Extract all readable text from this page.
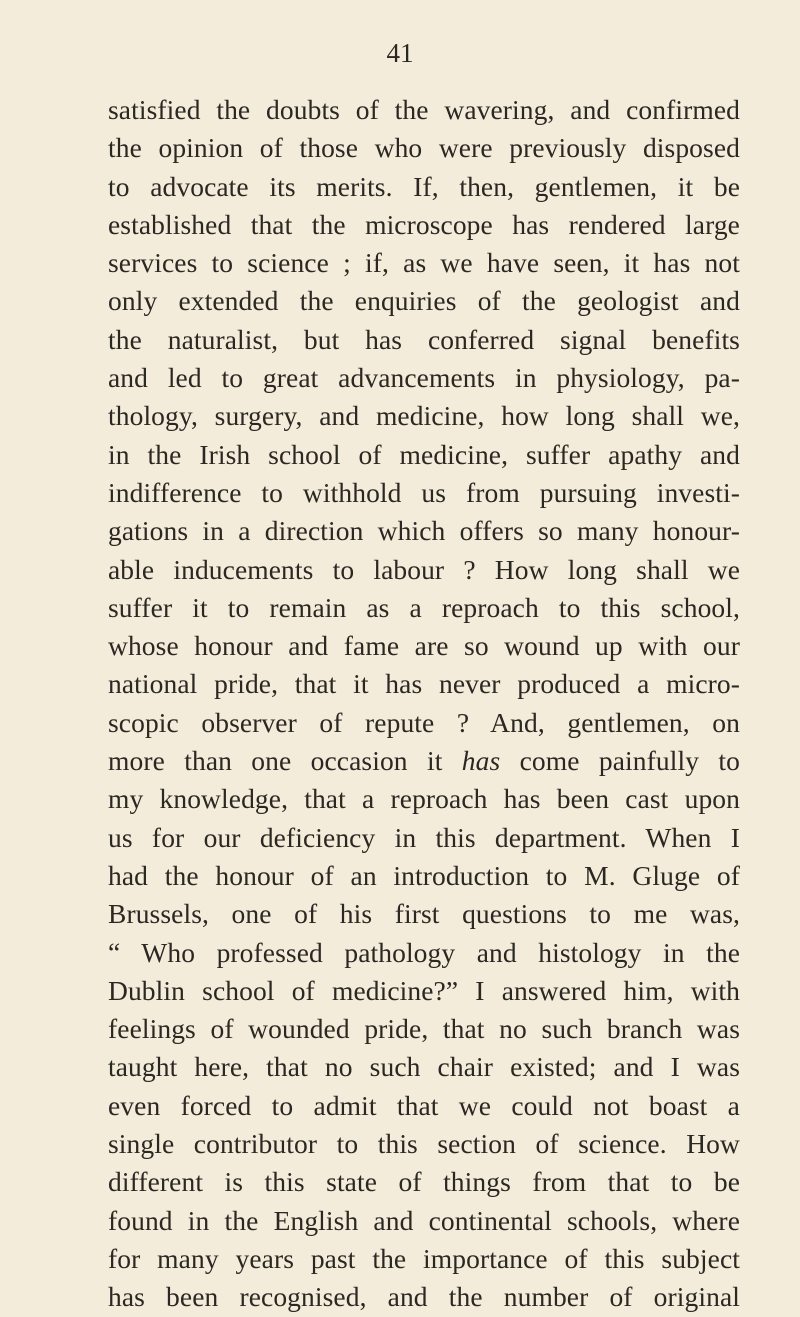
41
satisfied the doubts of the wavering, and confirmed
the opinion of those who were previously disposed
to advocate its merits. If, then, gentlemen, it be
established that the microscope has rendered large
services to science ; if, as we have seen, it has not
only extended the enquiries of the geologist and
the naturalist, but has conferred signal benefits
and led to great advancements in physiology, pa-
thology, surgery, and medicine, how long shall we,
in the Irish school of medicine, suffer apathy and
indifference to withhold us from pursuing investi-
gations in a direction which offers so many honour-
able inducements to labour ? How long shall we
suffer it to remain as a reproach to this school,
whose honour and fame are so wound up with our
national pride, that it has never produced a micro-
scopic observer of repute ? And, gentlemen, on
more than one occasion it has come painfully to
my knowledge, that a reproach has been cast upon
us for our deficiency in this department. When I
had the honour of an introduction to M. Gluge of
Brussels, one of his first questions to me was,
“ Who professed pathology and histology in the
Dublin school of medicine?” I answered him, with
feelings of wounded pride, that no such branch was
taught here, that no such chair existed; and I was
even forced to admit that we could not boast a
single contributor to this section of science. How
different is this state of things from that to be
found in the English and continental schools, where
for many years past the importance of this subject
has been recognised, and the number of original
